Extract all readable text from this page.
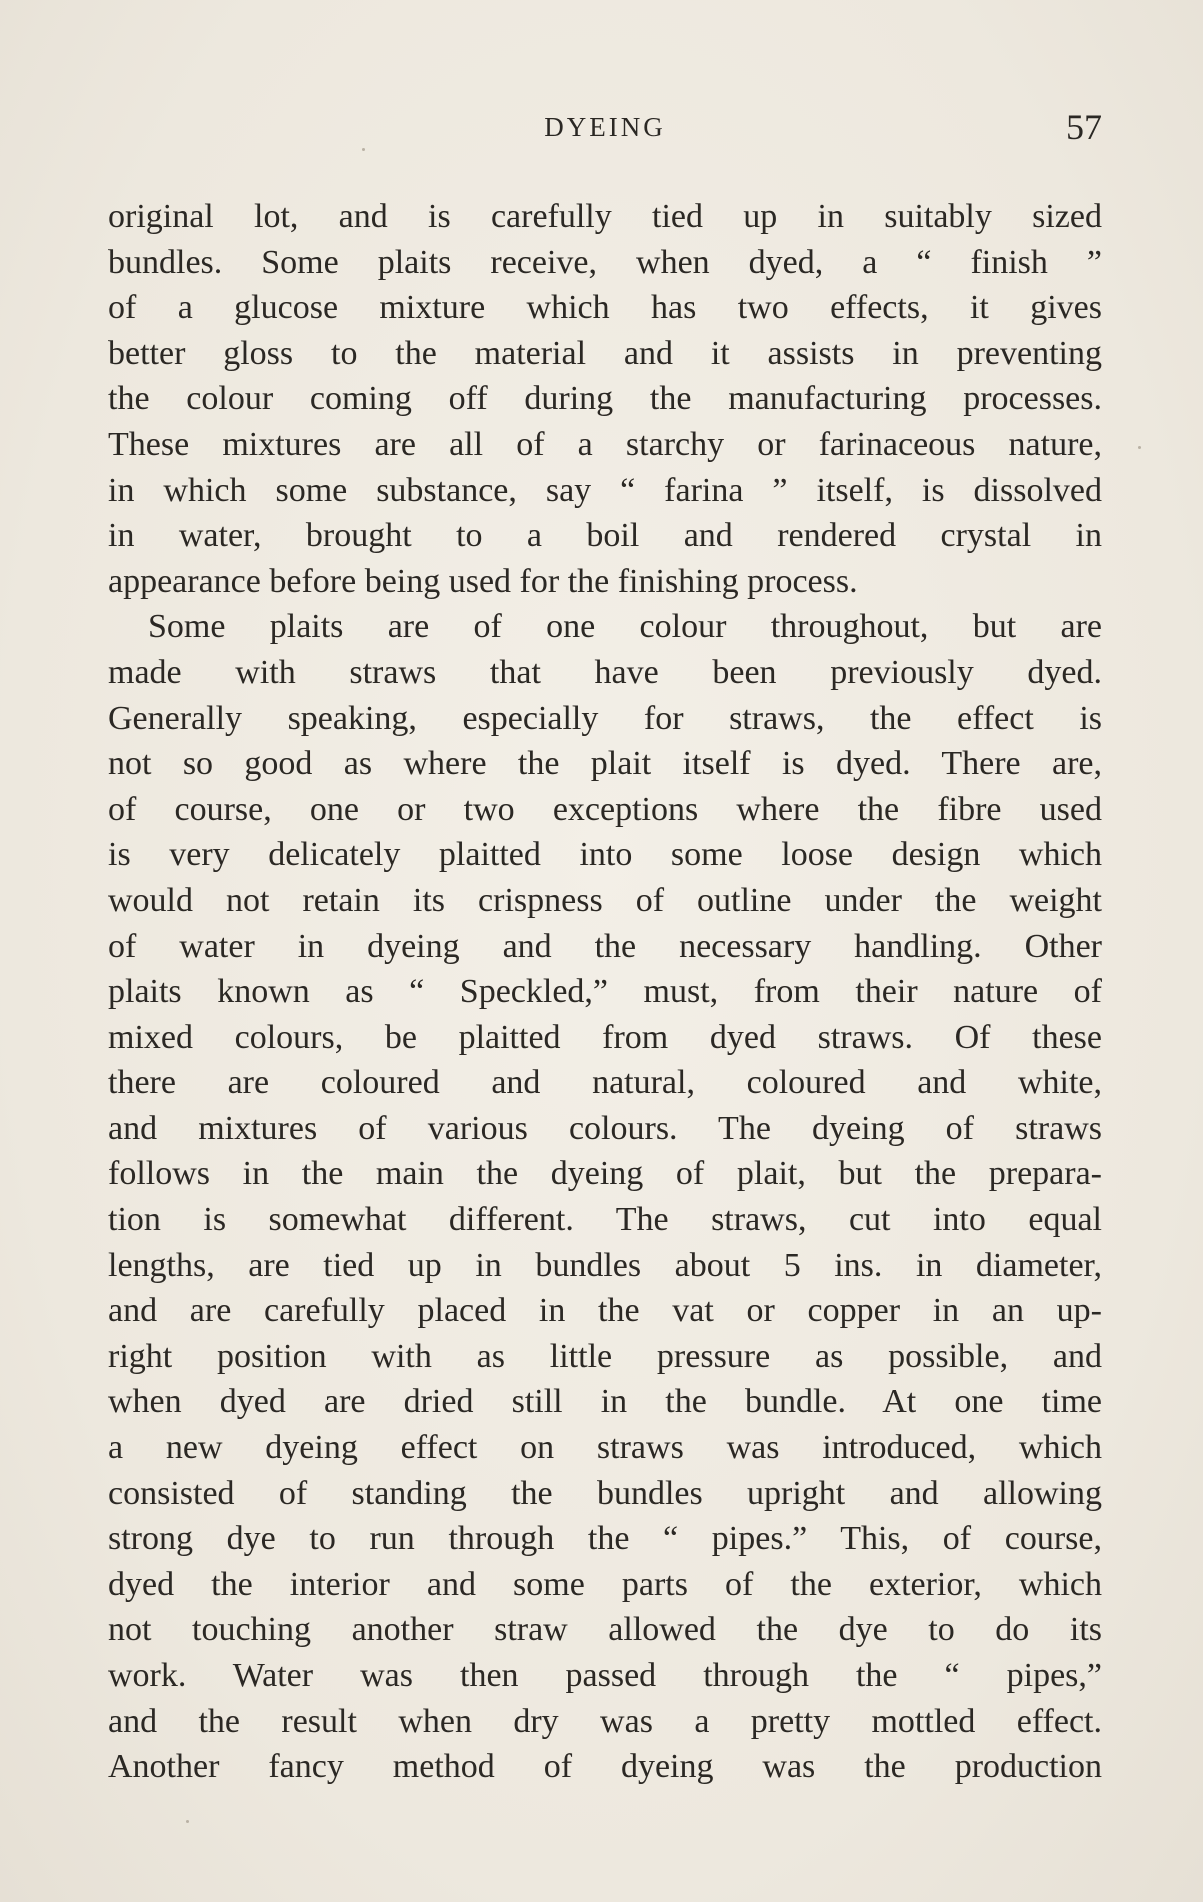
DYEING	57
original lot, and is carefully tied up in suitably sized
bundles. Some plaits receive, when dyed, a “ finish ”
of a glucose mixture which has two effects, it gives
better gloss to the material and it assists in preventing
the colour coming off during the manufacturing processes.
These mixtures are all of a starchy or farinaceous nature,
in which some substance, say “ farina ” itself, is dissolved
in water, brought to a boil and rendered crystal in
appearance before being used for the finishing process.
Some plaits are of one colour throughout, but are
made with straws that have been previously dyed.
Generally speaking, especially for straws, the effect is
not so good as where the plait itself is dyed. There are,
of course, one or two exceptions where the fibre used
is very delicately plaitted into some loose design which
would not retain its crispness of outline under the weight
of water in dyeing and the necessary handling. Other
plaits known as “ Speckled,” must, from their nature of
mixed colours, be plaitted from dyed straws. Of these
there are coloured and natural, coloured and white,
and mixtures of various colours. The dyeing of straws
follows in the main the dyeing of plait, but the prepara-
tion is somewhat different. The straws, cut into equal
lengths, are tied up in bundles about 5 ins. in diameter,
and are carefully placed in the vat or copper in an up-
right position with as little pressure as possible, and
when dyed are dried still in the bundle. At one time
a new dyeing effect on straws was introduced, which
consisted of standing the bundles upright and allowing
strong dye to run through the “ pipes.” This, of course,
dyed the interior and some parts of the exterior, which
not touching another straw allowed the dye to do its
work. Water was then passed through the “ pipes,”
and the result when dry was a pretty mottled effect.
Another fancy method of dyeing was the production
